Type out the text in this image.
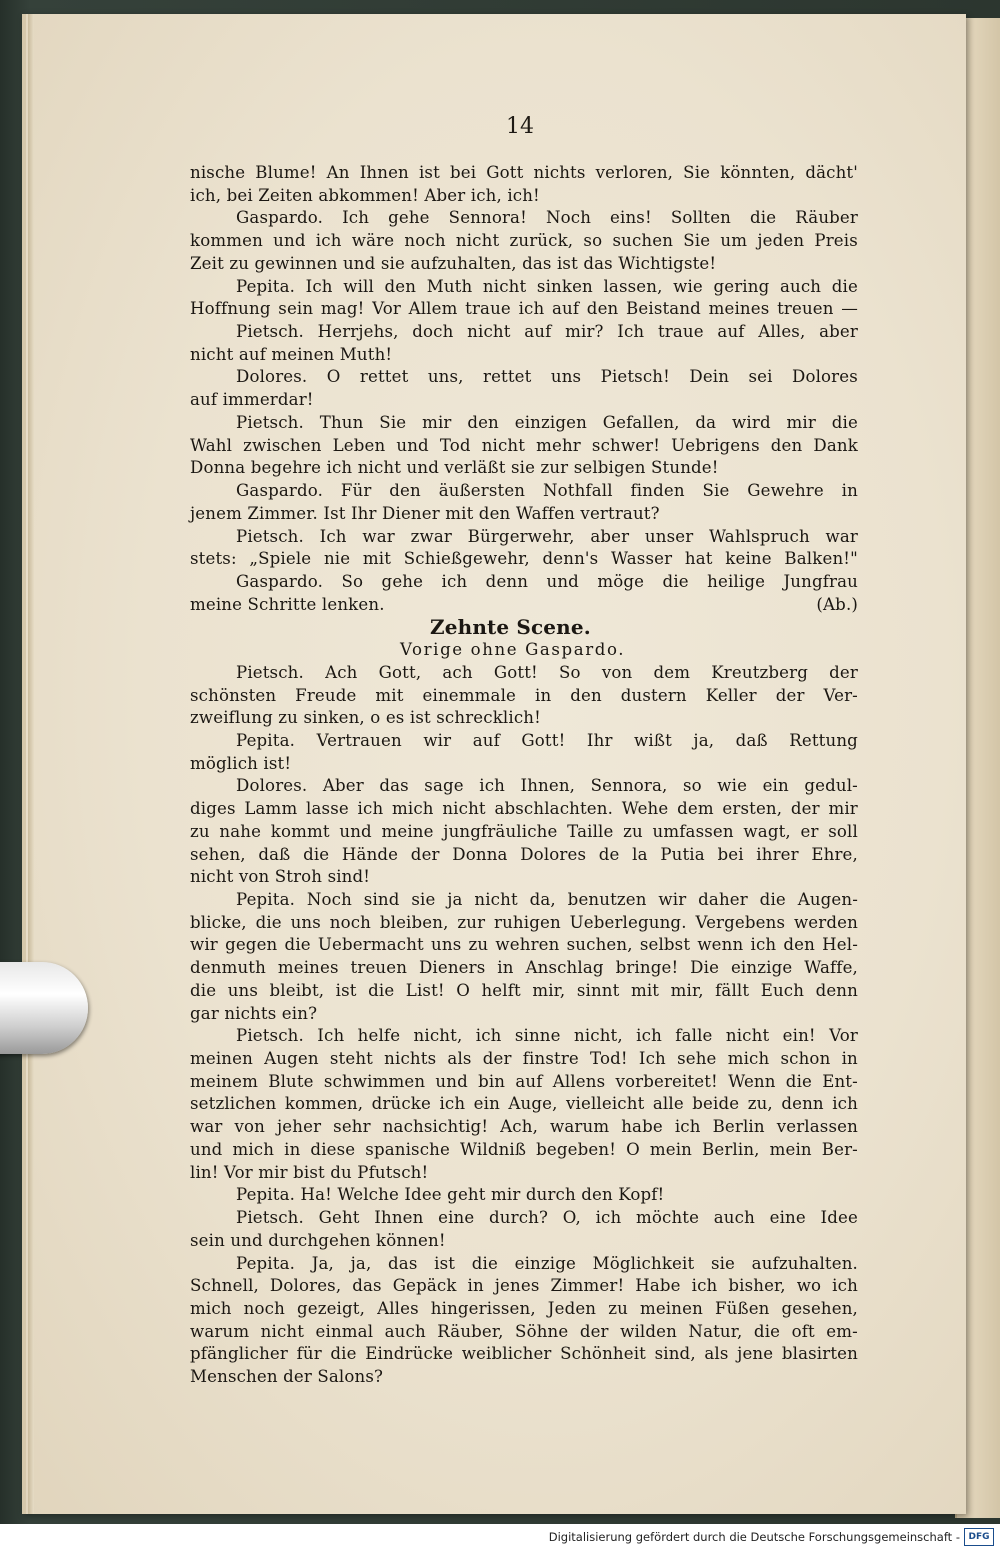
14
nische Blume! An Ihnen ist bei Gott nichts verloren, Sie könnten, dächt'
ich, bei Zeiten abkommen! Aber ich, ich!
Gaspardo. Ich gehe Sennora! Noch eins! Sollten die Räuber
kommen und ich wäre noch nicht zurück, so suchen Sie um jeden Preis
Zeit zu gewinnen und sie aufzuhalten, das ist das Wichtigste!
Pepita. Ich will den Muth nicht sinken lassen, wie gering auch die
Hoffnung sein mag! Vor Allem traue ich auf den Beistand meines treuen —
Pietsch. Herrjehs, doch nicht auf mir? Ich traue auf Alles, aber
nicht auf meinen Muth!
Dolores. O rettet uns, rettet uns Pietsch! Dein sei Dolores
auf immerdar!
Pietsch. Thun Sie mir den einzigen Gefallen, da wird mir die
Wahl zwischen Leben und Tod nicht mehr schwer! Uebrigens den Dank
Donna begehre ich nicht und verläßt sie zur selbigen Stunde!
Gaspardo. Für den äußersten Nothfall finden Sie Gewehre in
jenem Zimmer. Ist Ihr Diener mit den Waffen vertraut?
Pietsch. Ich war zwar Bürgerwehr, aber unser Wahlspruch war
stets: „Spiele nie mit Schießgewehr, denn's Wasser hat keine Balken!"
Gaspardo. So gehe ich denn und möge die heilige Jungfrau
meine Schritte lenken.	(Ab.)
Zehnte Scene.
Vorige ohne Gaspardo.
Pietsch. Ach Gott, ach Gott! So von dem Kreutzberg der
schönsten Freude mit einemmale in den dustern Keller der Ver-
zweiflung zu sinken, o es ist schrecklich!
Pepita. Vertrauen wir auf Gott! Ihr wißt ja, daß Rettung
möglich ist!
Dolores. Aber das sage ich Ihnen, Sennora, so wie ein gedul-
diges Lamm lasse ich mich nicht abschlachten. Wehe dem ersten, der mir
zu nahe kommt und meine jungfräuliche Taille zu umfassen wagt, er soll
sehen, daß die Hände der Donna Dolores de la Putia bei ihrer Ehre,
nicht von Stroh sind!
Pepita. Noch sind sie ja nicht da, benutzen wir daher die Augen-
blicke, die uns noch bleiben, zur ruhigen Ueberlegung. Vergebens werden
wir gegen die Uebermacht uns zu wehren suchen, selbst wenn ich den Hel-
denmuth meines treuen Dieners in Anschlag bringe! Die einzige Waffe,
die uns bleibt, ist die List! O helft mir, sinnt mit mir, fällt Euch denn
gar nichts ein?
Pietsch. Ich helfe nicht, ich sinne nicht, ich falle nicht ein! Vor
meinen Augen steht nichts als der finstre Tod! Ich sehe mich schon in
meinem Blute schwimmen und bin auf Allens vorbereitet! Wenn die Ent-
setzlichen kommen, drücke ich ein Auge, vielleicht alle beide zu, denn ich
war von jeher sehr nachsichtig! Ach, warum habe ich Berlin verlassen
und mich in diese spanische Wildniß begeben! O mein Berlin, mein Ber-
lin! Vor mir bist du Pfutsch!
Pepita. Ha! Welche Idee geht mir durch den Kopf!
Pietsch. Geht Ihnen eine durch? O, ich möchte auch eine Idee
sein und durchgehen können!
Pepita. Ja, ja, das ist die einzige Möglichkeit sie aufzuhalten.
Schnell, Dolores, das Gepäck in jenes Zimmer! Habe ich bisher, wo ich
mich noch gezeigt, Alles hingerissen, Jeden zu meinen Füßen gesehen,
warum nicht einmal auch Räuber, Söhne der wilden Natur, die oft em-
pfänglicher für die Eindrücke weiblicher Schönheit sind, als jene blasirten
Menschen der Salons?
Digitalisierung gefördert durch die Deutsche Forschungsgemeinschaft - DFG
